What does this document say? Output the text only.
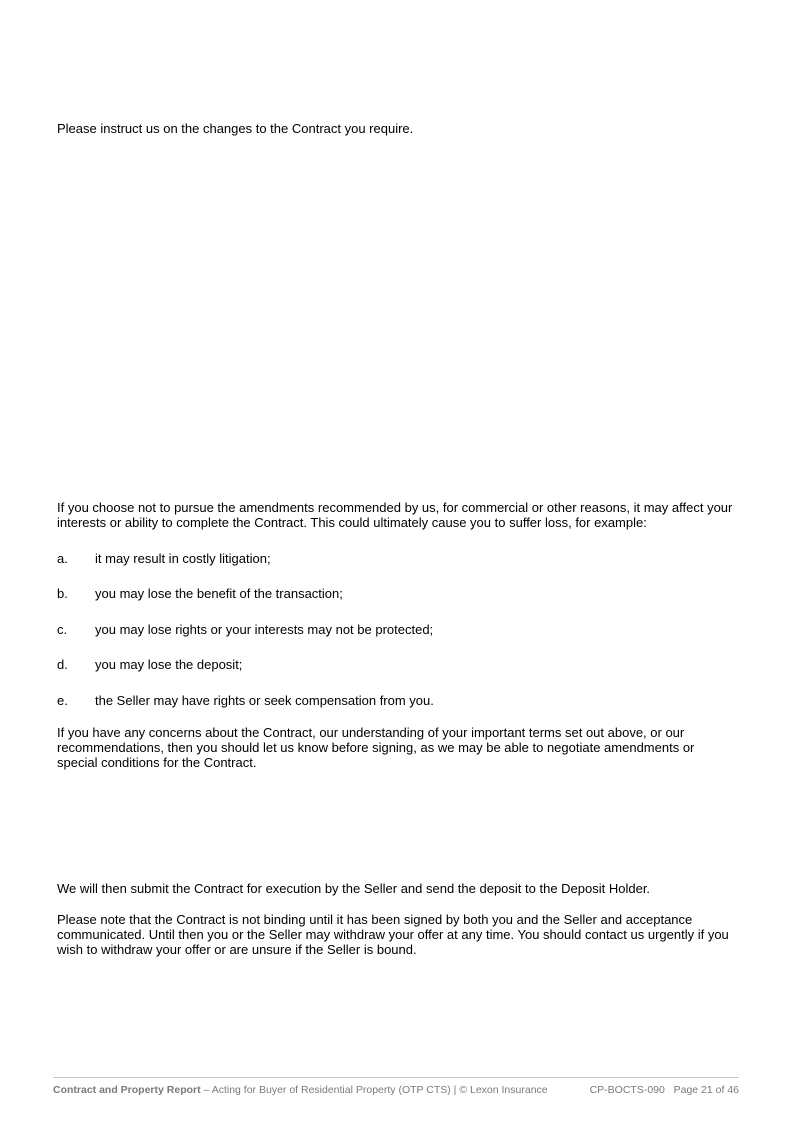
Please instruct us on the changes to the Contract you require.

If you choose not to pursue the amendments recommended by us, for commercial or other reasons, it may affect your interests or ability to complete the Contract. This could ultimately cause you to suffer loss, for example:

a.	it may result in costly litigation;
b.	you may lose the benefit of the transaction;
c.	you may lose rights or your interests may not be protected;
d.	you may lose the deposit;
e.	the Seller may have rights or seek compensation from you.

If you have any concerns about the Contract, our understanding of your important terms set out above, or our recommendations, then you should let us know before signing, as we may be able to negotiate amendments or special conditions for the Contract.

We will then submit the Contract for execution by the Seller and send the deposit to the Deposit Holder.

Please note that the Contract is not binding until it has been signed by both you and the Seller and acceptance communicated. Until then you or the Seller may withdraw your offer at any time. You should contact us urgently if you wish to withdraw your offer or are unsure if the Seller is bound.

Contract and Property Report – Acting for Buyer of Residential Property (OTP CTS) | © Lexon Insurance	CP-BOCTS-090 Page 21 of 46
